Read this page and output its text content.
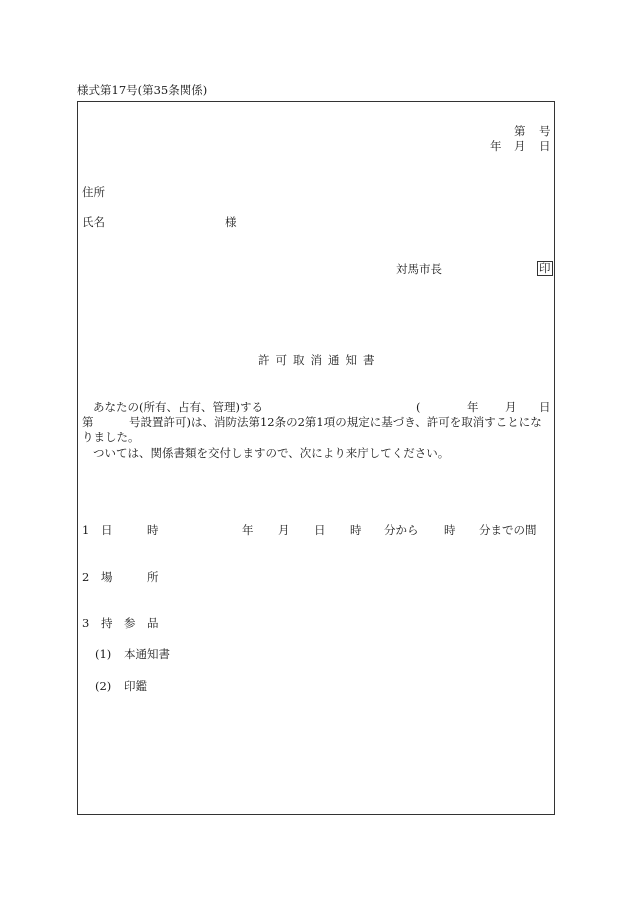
様式第17号(第35条関係)
第 号
年 月 日
住所
氏名	様
対馬市長	印
許可取消通知書
あなたの(所有、占有、管理)する	(	年 月 日
第	号設置許可)は、消防法第12条の2第1項の規定に基づき、許可を取消すことにな
りました。
ついては、関係書類を交付しますので、次により来庁してください。
1 日	時	年 月 日 時 分から 時 分までの間
2 場	所
3 持 参 品
(1) 本通知書
(2) 印鑑
